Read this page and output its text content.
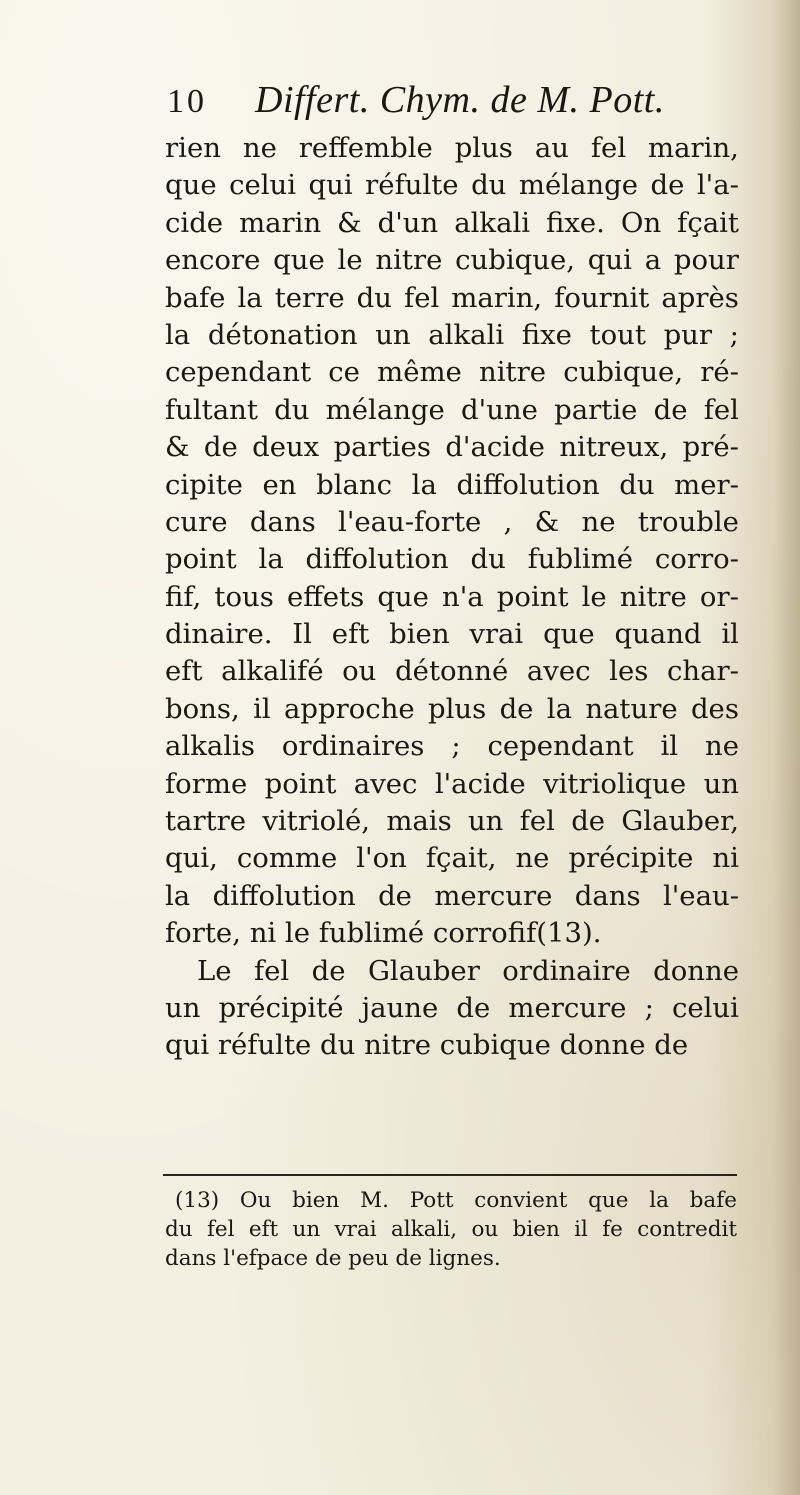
10	Differt. Chym. de M. Pott.
rien ne reffemble plus au fel marin,
que celui qui réfulte du mélange de l'a-
cide marin & d'un alkali fixe. On fçait
encore que le nitre cubique, qui a pour
bafe la terre du fel marin, fournit après
la détonation un alkali fixe tout pur ;
cependant ce même nitre cubique, ré-
fultant du mélange d'une partie de fel
& de deux parties d'acide nitreux, pré-
cipite en blanc la diffolution du mer-
cure dans l'eau-forte , & ne trouble
point la diffolution du fublimé corro-
fif, tous effets que n'a point le nitre or-
dinaire. Il eft bien vrai que quand il
eft alkalifé ou détonné avec les char-
bons, il approche plus de la nature des
alkalis ordinaires ; cependant il ne
forme point avec l'acide vitriolique un
tartre vitriolé, mais un fel de Glauber,
qui, comme l'on fçait, ne précipite ni
la diffolution de mercure dans l'eau-
forte, ni le fublimé corrofif(13).
Le fel de Glauber ordinaire donne
un précipité jaune de mercure ; celui
qui réfulte du nitre cubique donne de
(13) Ou bien M. Pott convient que la bafe
du fel eft un vrai alkali, ou bien il fe contredit
dans l'efpace de peu de lignes.
